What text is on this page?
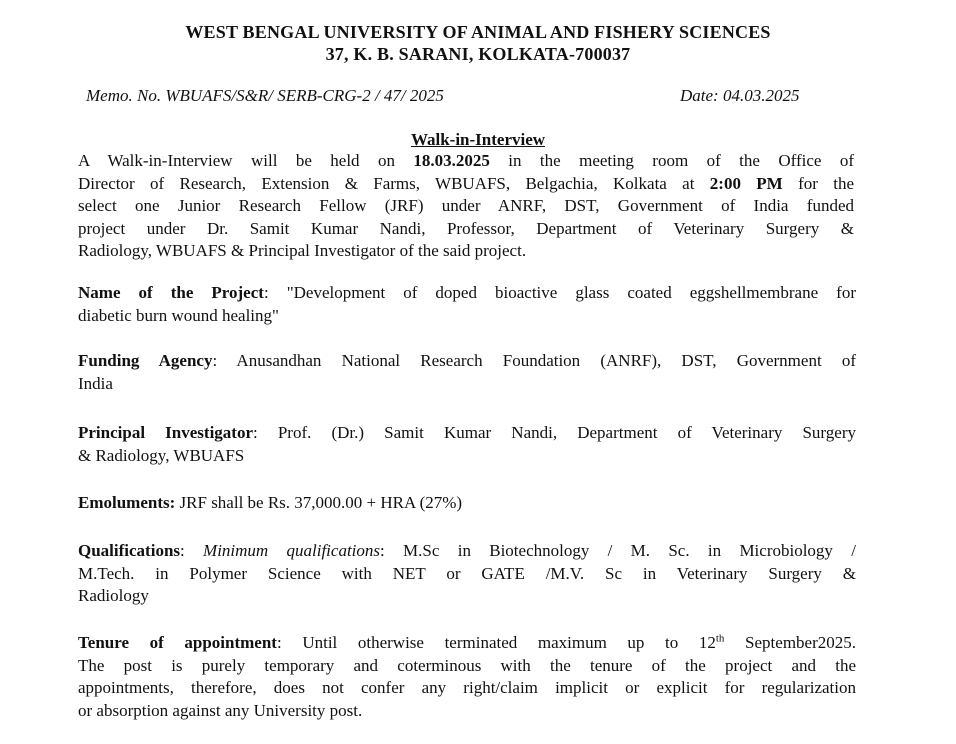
WEST BENGAL UNIVERSITY OF ANIMAL AND FISHERY SCIENCES
37, K. B. SARANI, KOLKATA-700037
Memo. No. WBUAFS/S&R/ SERB-CRG-2 / 47/ 2025	Date: 04.03.2025
Walk-in-Interview
A Walk-in-Interview will be held on 18.03.2025 in the meeting room of the Office of
Director of Research, Extension & Farms, WBUAFS, Belgachia, Kolkata at 2:00 PM for the
select one Junior Research Fellow (JRF) under ANRF, DST, Government of India funded
project under Dr. Samit Kumar Nandi, Professor, Department of Veterinary Surgery &
Radiology, WBUAFS & Principal Investigator of the said project.
Name of the Project: "Development of doped bioactive glass coated eggshellmembrane for
diabetic burn wound healing"
Funding Agency: Anusandhan National Research Foundation (ANRF), DST, Government of
India
Principal Investigator: Prof. (Dr.) Samit Kumar Nandi, Department of Veterinary Surgery
& Radiology, WBUAFS
Emoluments: JRF shall be Rs. 37,000.00 + HRA (27%)
Qualifications: Minimum qualifications: M.Sc in Biotechnology / M. Sc. in Microbiology /
M.Tech. in Polymer Science with NET or GATE /M.V. Sc in Veterinary Surgery &
Radiology
Tenure of appointment: Until otherwise terminated maximum up to 12th September2025.
The post is purely temporary and coterminous with the tenure of the project and the
appointments, therefore, does not confer any right/claim implicit or explicit for regularization
or absorption against any University post.
